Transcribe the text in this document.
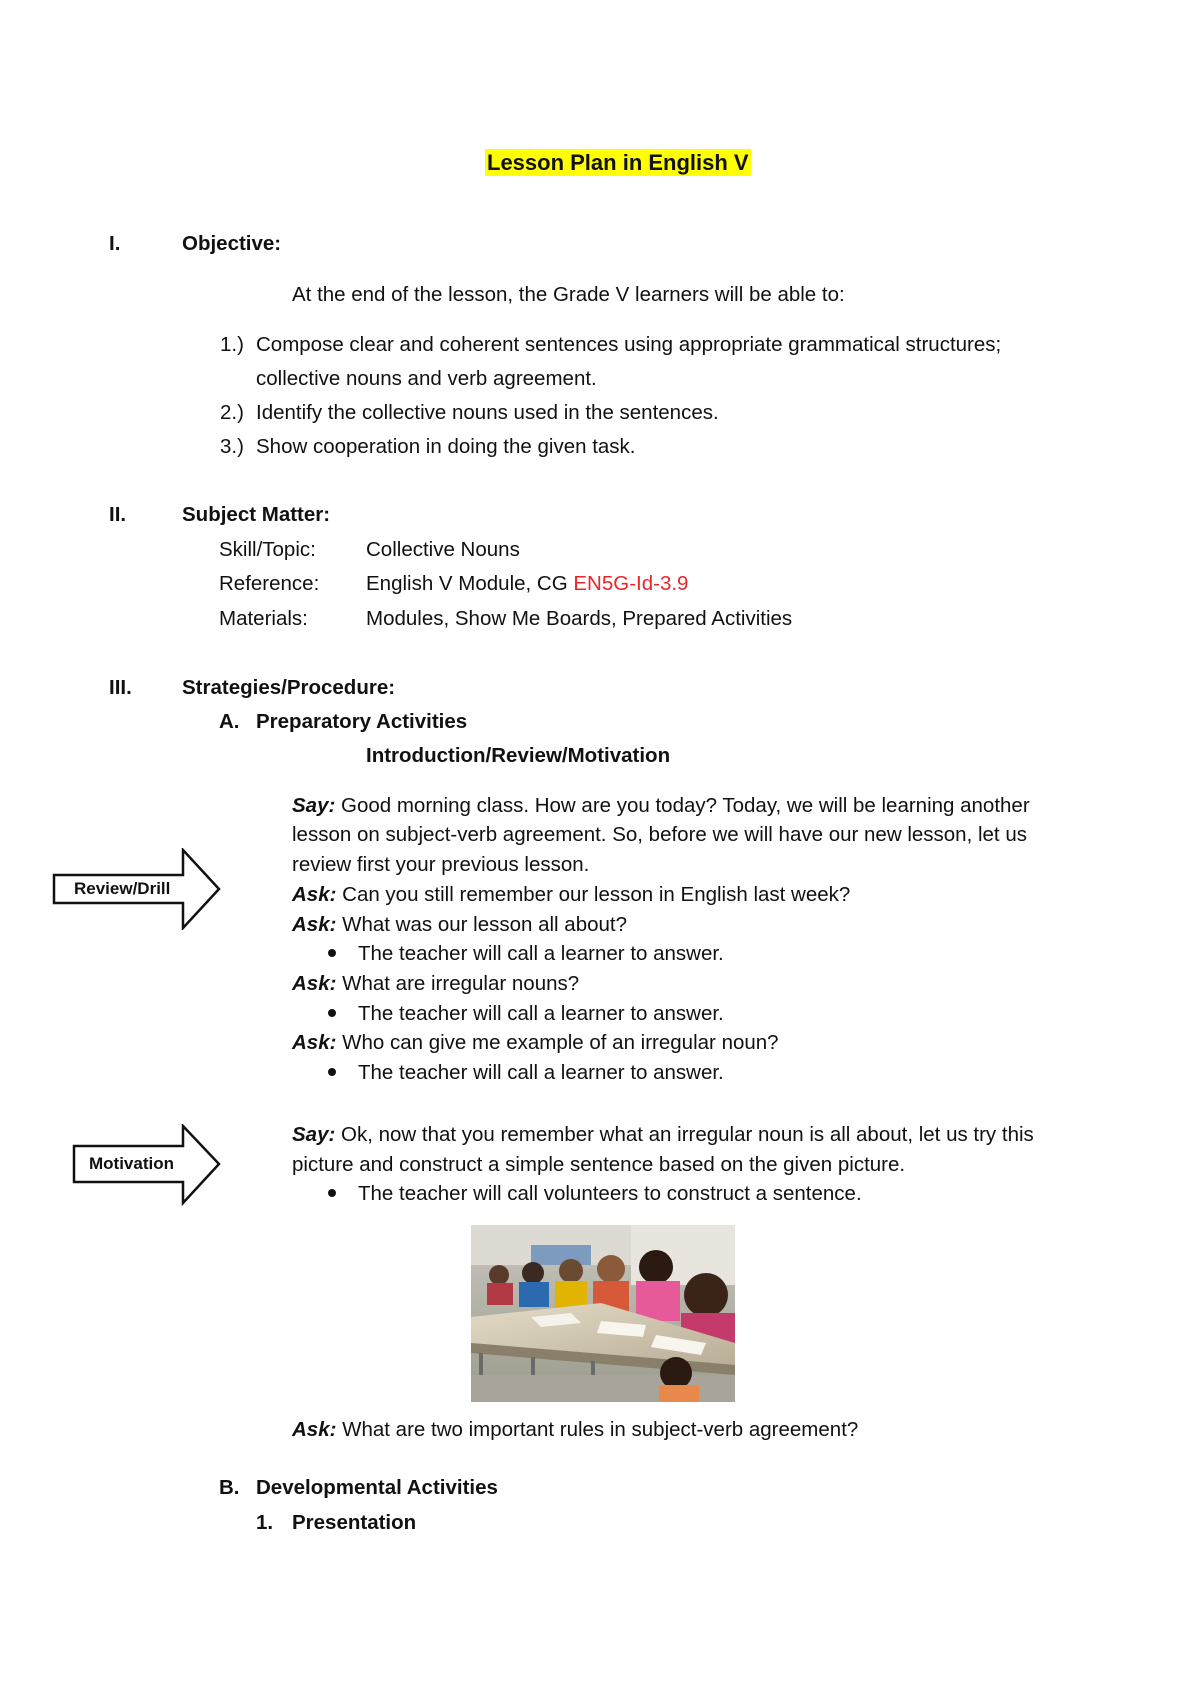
Lesson Plan in English V
I.	Objective:
At the end of the lesson, the Grade V learners will be able to:
1.) Compose clear and coherent sentences using appropriate grammatical structures;
collective nouns and verb agreement.
2.) Identify the collective nouns used in the sentences.
3.) Show cooperation in doing the given task.
II.	Subject Matter:
Skill/Topic: Collective Nouns
Reference: English V Module, CG EN5G-Id-3.9
Materials:	Modules, Show Me Boards, Prepared Activities
III. Strategies/Procedure:
A. Preparatory Activities
Introduction/Review/Motivation
Review/Drill
Say: Good morning class. How are you today? Today, we will be learning another
lesson on subject-verb agreement. So, before we will have our new lesson, let us
review first your previous lesson.
Ask: Can you still remember our lesson in English last week?
Ask: What was our lesson all about?
The teacher will call a learner to answer.
Ask: What are irregular nouns?
The teacher will call a learner to answer.
Ask: Who can give me example of an irregular noun?
The teacher will call a learner to answer.
Motivation
Say: Ok, now that you remember what an irregular noun is all about, let us try this
picture and construct a simple sentence based on the given picture.
The teacher will call volunteers to construct a sentence.
Ask: What are two important rules in subject-verb agreement?
B. Developmental Activities
1. Presentation
